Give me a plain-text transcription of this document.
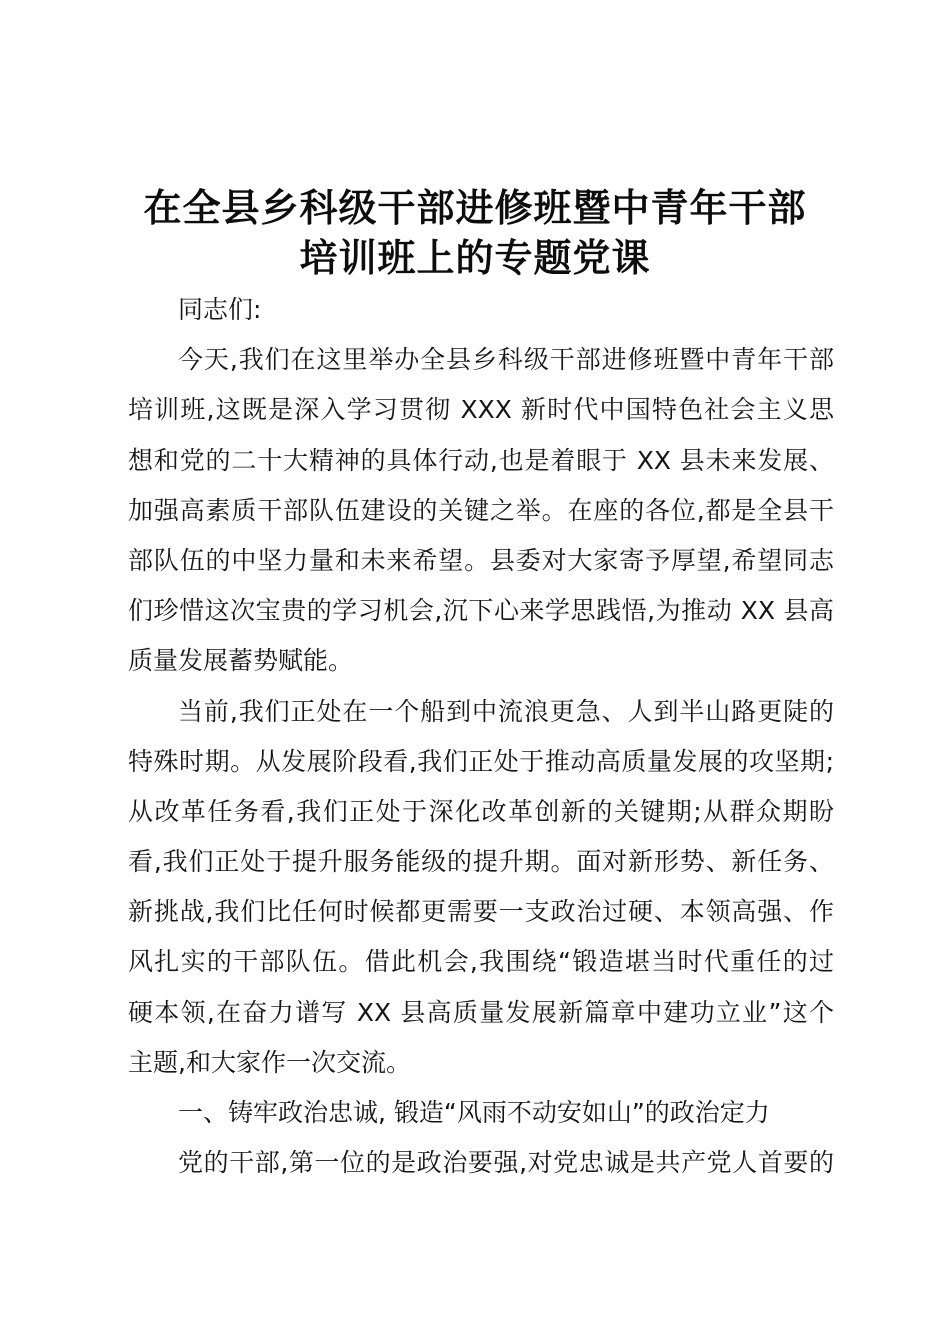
在全县乡科级干部进修班暨中青年干部
培训班上的专题党课
同志们:
今天,我们在这里举办全县乡科级干部进修班暨中青年干部
培训班,这既是深入学习贯彻 XXX 新时代中国特色社会主义思
想和党的二十大精神的具体行动,也是着眼于 XX 县未来发展、
加强高素质干部队伍建设的关键之举。在座的各位,都是全县干
部队伍的中坚力量和未来希望。县委对大家寄予厚望,希望同志
们珍惜这次宝贵的学习机会,沉下心来学思践悟,为推动 XX 县高
质量发展蓄势赋能。
当前,我们正处在一个船到中流浪更急、人到半山路更陡的
特殊时期。从发展阶段看,我们正处于推动高质量发展的攻坚期;
从改革任务看,我们正处于深化改革创新的关键期;从群众期盼
看,我们正处于提升服务能级的提升期。面对新形势、新任务、
新挑战,我们比任何时候都更需要一支政治过硬、本领高强、作
风扎实的干部队伍。借此机会,我围绕“锻造堪当时代重任的过
硬本领,在奋力谱写 XX 县高质量发展新篇章中建功立业”这个
主题,和大家作一次交流。
一、铸牢政治忠诚, 锻造“风雨不动安如山”的政治定力
党的干部,第一位的是政治要强,对党忠诚是共产党人首要的
